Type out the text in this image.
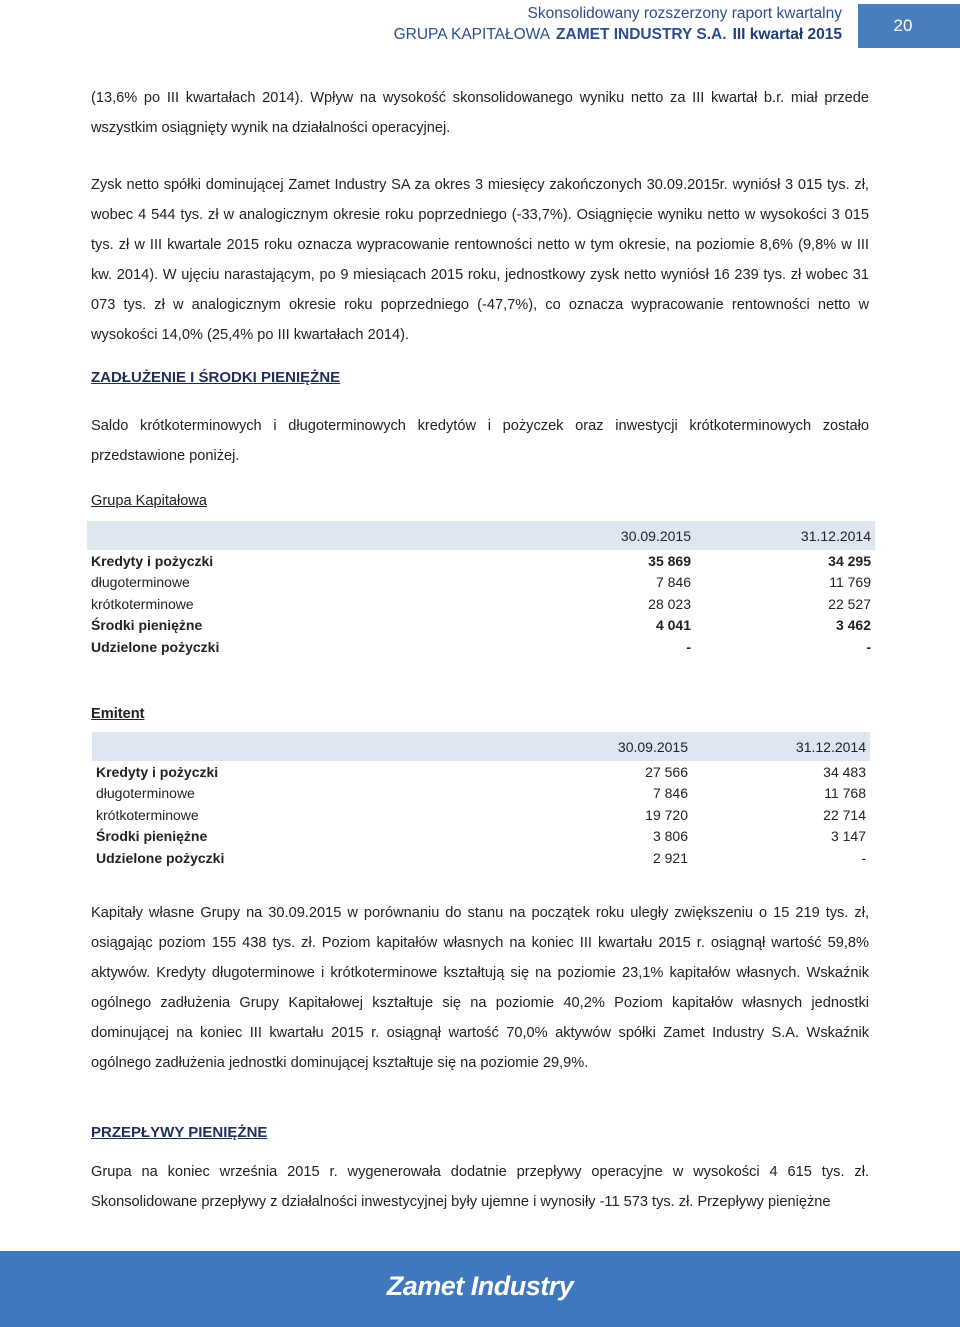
Skonsolidowany rozszerzony raport kwartalny
GRUPA KAPITAŁOWA ZAMET INDUSTRY S.A. III kwartał 2015	20

(13,6% po III kwartałach 2014). Wpływ na wysokość skonsolidowanego wyniku netto za III kwartał b.r. miał przede wszystkim osiągnięty wynik na działalności operacyjnej.

Zysk netto spółki dominującej Zamet Industry SA za okres 3 miesięcy zakończonych 30.09.2015r. wyniósł 3 015 tys. zł, wobec 4 544 tys. zł w analogicznym okresie roku poprzedniego (-33,7%). Osiągnięcie wyniku netto w wysokości 3 015 tys. zł w III kwartale 2015 roku oznacza wypracowanie rentowności netto w tym okresie, na poziomie 8,6% (9,8% w III kw. 2014). W ujęciu narastającym, po 9 miesiącach 2015 roku, jednostkowy zysk netto wyniósł 16 239 tys. zł wobec 31 073 tys. zł w analogicznym okresie roku poprzedniego (-47,7%), co oznacza wypracowanie rentowności netto w wysokości 14,0% (25,4% po III kwartałach 2014).

ZADŁUŻENIE I ŚRODKI PIENIĘŻNE

Saldo krótkoterminowych i długoterminowych kredytów i pożyczek oraz inwestycji krótkoterminowych zostało przedstawione poniżej.

Grupa Kapitałowa
	30.09.2015	31.12.2014
Kredyty i pożyczki	35 869	34 295
długoterminowe	7 846	11 769
krótkoterminowe	28 023	22 527
Środki pieniężne	4 041	3 462
Udzielone pożyczki	-	-
Emitent
	30.09.2015	31.12.2014
Kredyty i pożyczki	27 566	34 483
długoterminowe	7 846	11 768
krótkoterminowe	19 720	22 714
Środki pieniężne	3 806	3 147
Udzielone pożyczki	2 921	-

Kapitały własne Grupy na 30.09.2015 w porównaniu do stanu na początek roku uległy zwiększeniu o 15 219 tys. zł, osiągając poziom 155 438 tys. zł. Poziom kapitałów własnych na koniec III kwartału 2015 r. osiągnął wartość 59,8% aktywów. Kredyty długoterminowe i krótkoterminowe kształtują się na poziomie 23,1% kapitałów własnych. Wskaźnik ogólnego zadłużenia Grupy Kapitałowej kształtuje się na poziomie 40,2% Poziom kapitałów własnych jednostki dominującej na koniec III kwartału 2015 r. osiągnął wartość 70,0% aktywów spółki Zamet Industry S.A. Wskaźnik ogólnego zadłużenia jednostki dominującej kształtuje się na poziomie 29,9%.

PRZEPŁYWY PIENIĘŻNE

Grupa na koniec września 2015 r. wygenerowała dodatnie przepływy operacyjne w wysokości 4 615 tys. zł. Skonsolidowane przepływy z działalności inwestycyjnej były ujemne i wynosiły -11 573 tys. zł. Przepływy pieniężne

Zamet Industry
